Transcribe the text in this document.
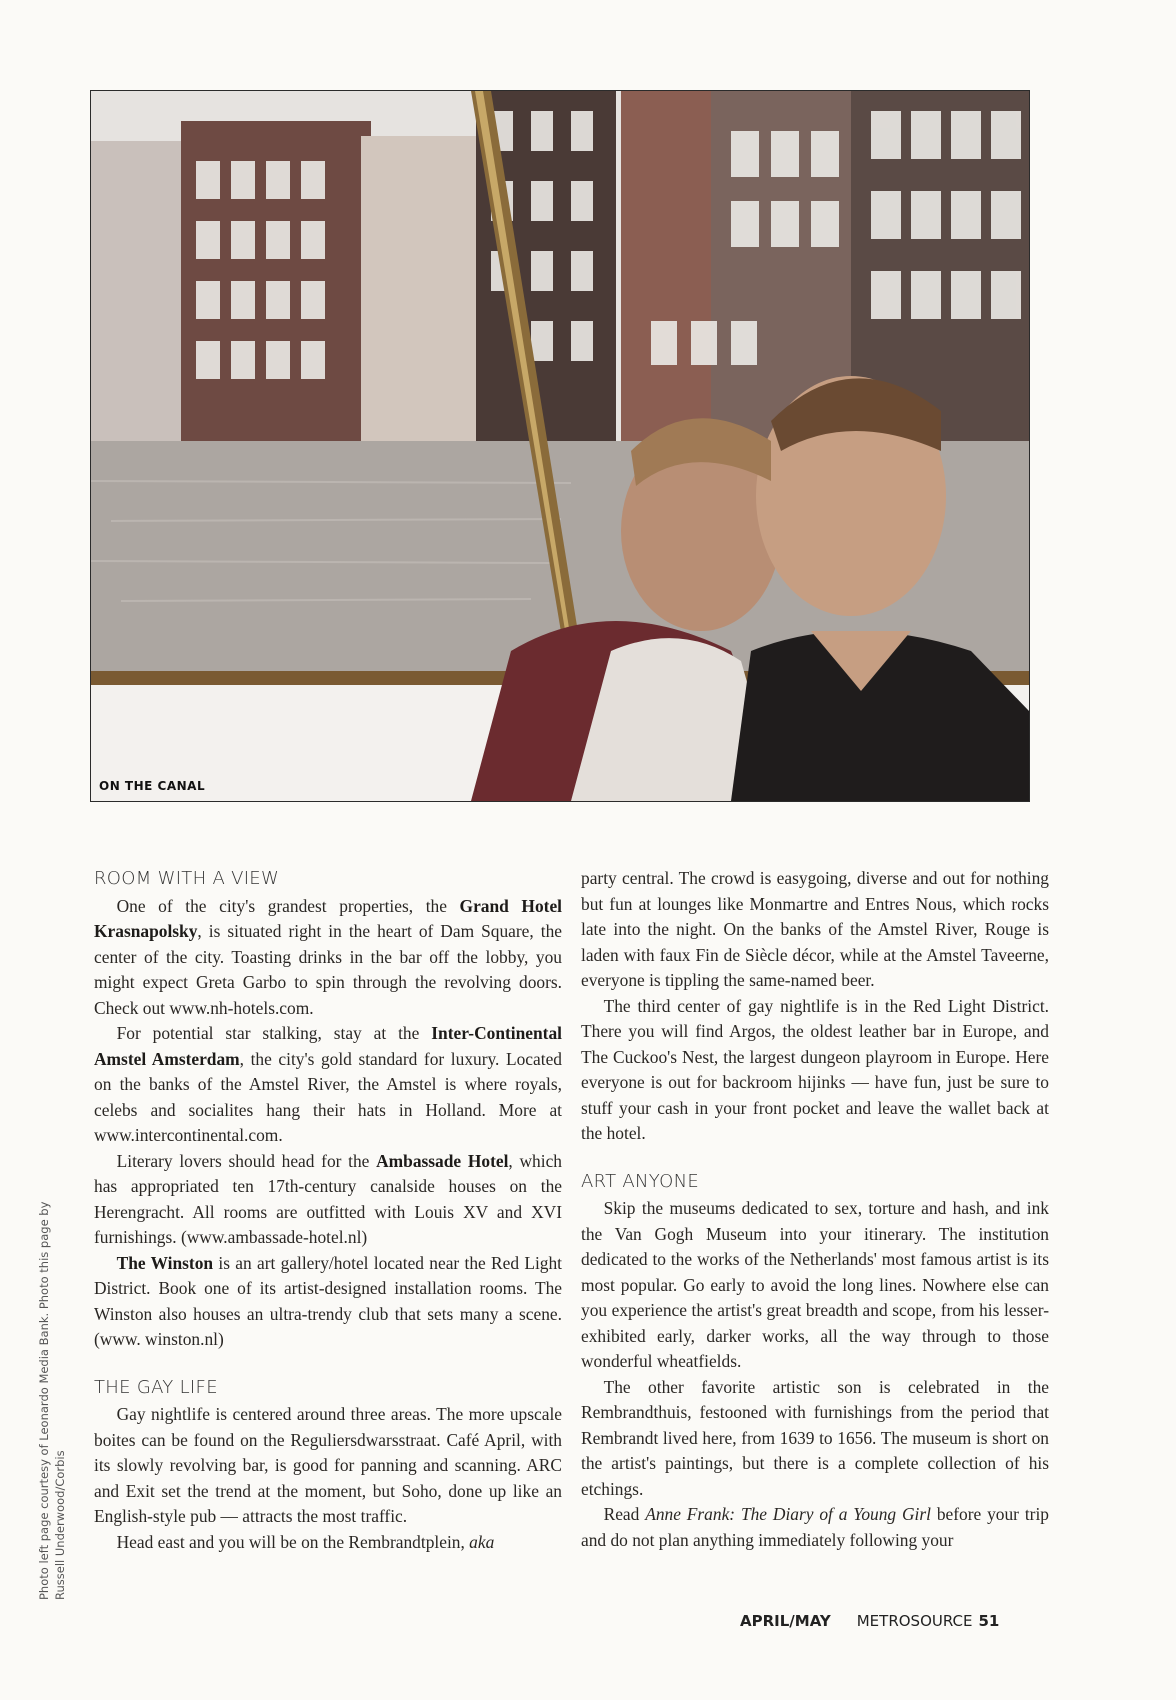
ON THE CANAL
ROOM WITH A VIEW

One of the city's grandest properties, the Grand Hotel Krasnapolsky, is situated right in the heart of Dam Square, the center of the city. Toasting drinks in the bar off the lobby, you might expect Greta Garbo to spin through the revolving doors. Check out www.nh-hotels.com.

For potential star stalking, stay at the Inter-Continental Amstel Amsterdam, the city's gold standard for luxury. Located on the banks of the Amstel River, the Amstel is where royals, celebs and socialites hang their hats in Holland. More at www.intercontinental.com.

Literary lovers should head for the Ambassade Hotel, which has appropriated ten 17th-century canalside houses on the Herengracht. All rooms are outfitted with Louis XV and XVI furnishings. (www.ambassade-hotel.nl)

The Winston is an art gallery/hotel located near the Red Light District. Book one of its artist-designed installation rooms. The Winston also houses an ultra-trendy club that sets many a scene. (www. winston.nl)

THE GAY LIFE

Gay nightlife is centered around three areas. The more upscale boites can be found on the Reguliersdwarsstraat. Café April, with its slowly revolving bar, is good for panning and scanning. ARC and Exit set the trend at the moment, but Soho, done up like an English-style pub — attracts the most traffic.

Head east and you will be on the Rembrandtplein, aka

party central. The crowd is easygoing, diverse and out for nothing but fun at lounges like Monmartre and Entres Nous, which rocks late into the night. On the banks of the Amstel River, Rouge is laden with faux Fin de Siècle décor, while at the Amstel Taveerne, everyone is tippling the same-named beer.

The third center of gay nightlife is in the Red Light District. There you will find Argos, the oldest leather bar in Europe, and The Cuckoo's Nest, the largest dungeon playroom in Europe. Here everyone is out for backroom hijinks — have fun, just be sure to stuff your cash in your front pocket and leave the wallet back at the hotel.

ART ANYONE

Skip the museums dedicated to sex, torture and hash, and ink the Van Gogh Museum into your itinerary. The institution dedicated to the works of the Netherlands' most famous artist is its most popular. Go early to avoid the long lines. Nowhere else can you experience the artist's great breadth and scope, from his lesser-exhibited early, darker works, all the way through to those wonderful wheatfields.

The other favorite artistic son is celebrated in the Rembrandthuis, festooned with furnishings from the period that Rembrandt lived here, from 1639 to 1656. The museum is short on the artist's paintings, but there is a complete collection of his etchings.

Read Anne Frank: The Diary of a Young Girl before your trip and do not plan anything immediately following your

Photo left page courtesy of Leonardo Media Bank. Photo this page by Russell Underwood/Corbis
APRIL/MAY METROSOURCE 51
